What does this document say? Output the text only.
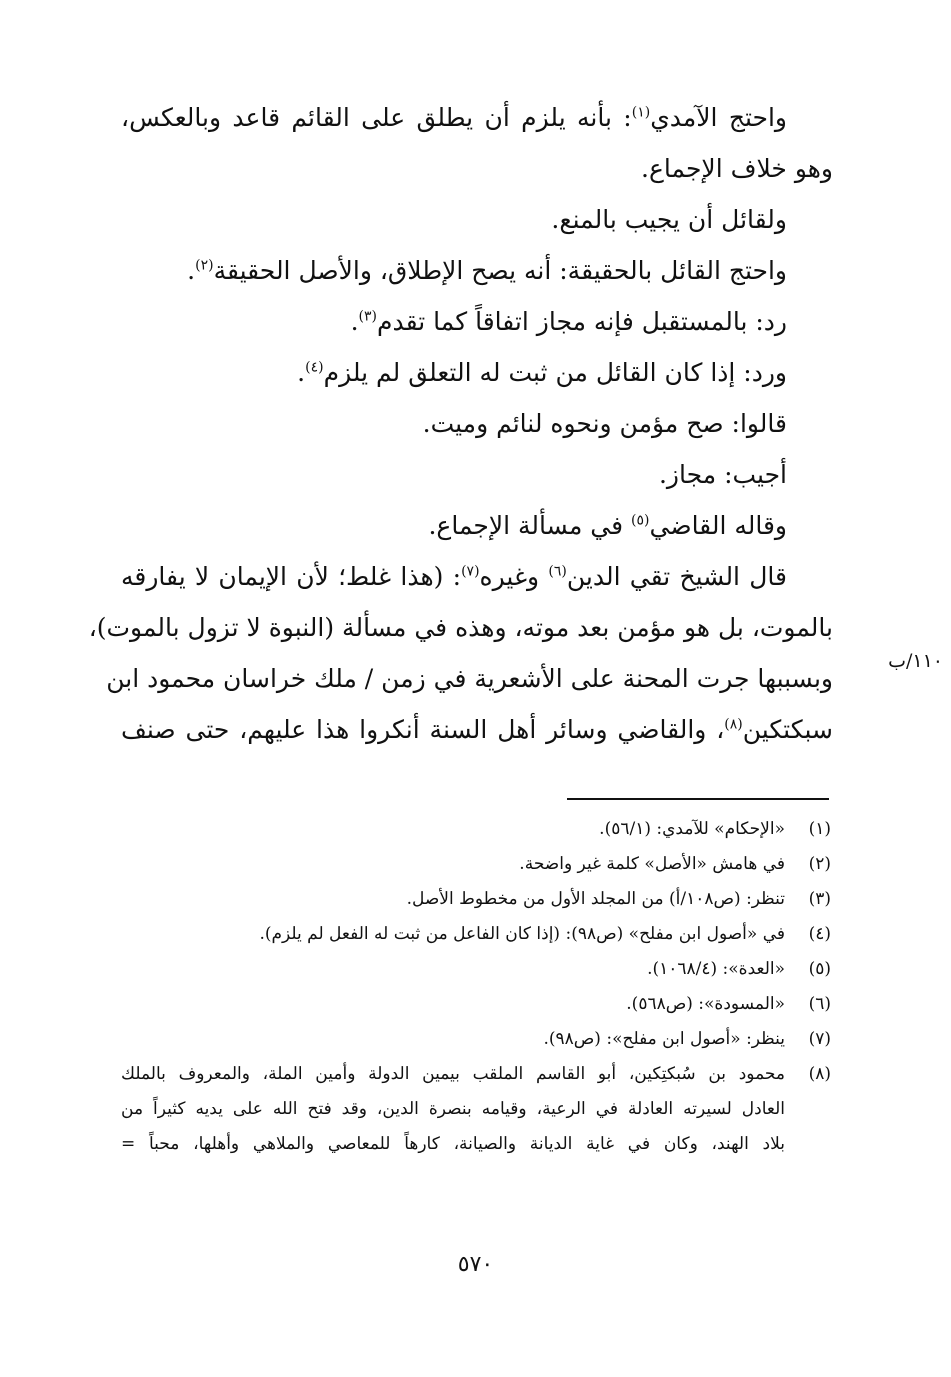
١١٠/ب
واحتج الآمدي$^{(١)}$: بأنه يلزم أن يطلق على القائم قاعد وبالعكس،
وهو خلاف الإجماع.
ولقائل أن يجيب بالمنع.
واحتج القائل بالحقيقة: أنه يصح الإطلاق، والأصل الحقيقة$^{(٢)}$.
رد: بالمستقبل فإنه مجاز اتفاقاً كما تقدم$^{(٣)}$.
ورد: إذا كان القائل من ثبت له التعلق لم يلزم$^{(٤)}$.
قالوا: صح مؤمن ونحوه لنائم وميت.
أجيب: مجاز.
وقاله القاضي$^{(٥)}$ في مسألة الإجماع.
قال الشيخ تقي الدين$^{(٦)}$ وغيره$^{(٧)}$: (هذا غلط؛ لأن الإيمان لا يفارقه
بالموت، بل هو مؤمن بعد موته، وهذه في مسألة (النبوة لا تزول بالموت)،
وبسببها جرت المحنة على الأشعرية في زمن / ملك خراسان محمود ابن
سبكتكين$^{(٨)}$، والقاضي وسائر أهل السنة أنكروا هذا عليهم، حتى صنف
(١)
«الإحكام» للآمدي: (٥٦/١).
(٢)
في هامش «الأصل» كلمة غير واضحة.
(٣)
تنظر: (ص١٠٨/أ) من المجلد الأول من مخطوط الأصل.
(٤)
في «أصول ابن مفلح» (ص٩٨): (إذا كان الفاعل من ثبت له الفعل لم يلزم).
(٥)
«العدة»: (١٠٦٨/٤).
(٦)
«المسودة»: (ص٥٦٨).
(٧)
ينظر: «أصول ابن مفلح»: (ص٩٨).
(٨)
محمود بن سُبكتِكين، أبو القاسم الملقب بيمين الدولة وأمين الملة، والمعروف بالملك
العادل لسيرته العادلة في الرعية، وقيامه بنصرة الدين، وقد فتح الله على يديه كثيراً من
بلاد الهند، وكان في غاية الديانة والصيانة، كارهاً للمعاصي والملاهي وأهلها، محباً =
٥٧٠
